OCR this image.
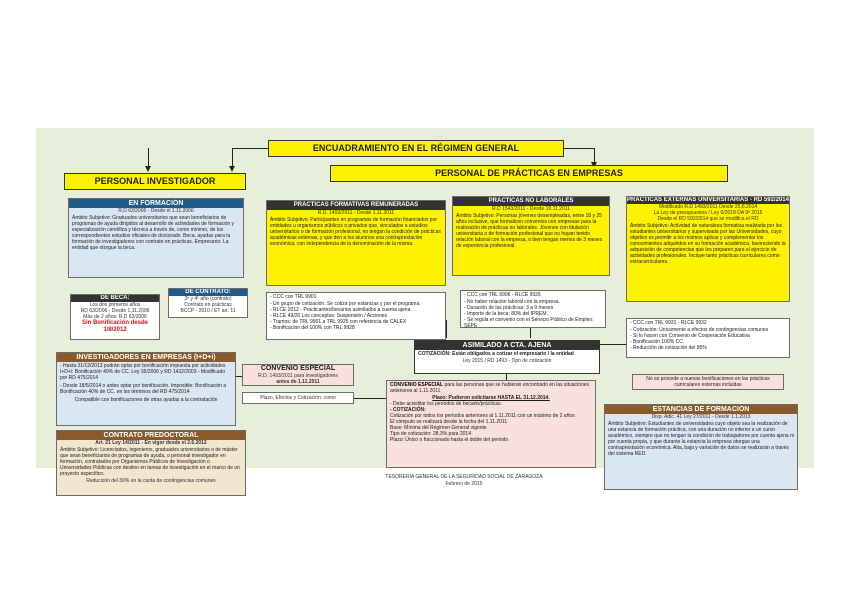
ENCUADRAMIENTO EN EL RÉGIMEN GENERAL
PERSONAL INVESTIGADOR
EN FORMACIÓN
R.D 63/2006 - Desde el 1.11.2006
Ámbito Subjetivo: Graduados universitarios que sean beneficiarios de programas de ayuda dirigidos al desarrollo de actividades de formación y especialización científica y técnica a través de, como mínimo, de los correspondientes estudios oficiales de doctorado. Beca, ayudas para la formación de investigadores con contrato en prácticas. Empresario: La entidad que otorgue la beca.
DE BECA:
Los dos primeros años
RD 63/2006 - Desde 1.11.2006
Más de 2 años: R.D 63/2006
Sin Bonificación desde 1/8/2012
DE CONTRATO:
3º y 4º año (contrato)
Contrato en prácticas
BCCP - 2010 / ET art. 11
INVESTIGADORES EN EMPRESAS (I+D+i)
- Hasta 31/12/2013 podrán optar por bonificación impuesta por actividades I+D+i: Bonificación 40% de CC. Ley 35/2006 y RD 1432/2003 - Modificado por RD 475/2014
- Desde 18/5/2014 o antes optar por bonificación. Imposible: Bonificación a Bonificación 40% de CC. en los términos del RD 475/2014
Compatible con bonificaciones de otras ayudas a la contratación
CONVENIO ESPECIAL
R.D. 1493/2011 para investigadores
antes de 1.11.2011
Plazo, Efectos y Cotización: como
CONTRATO PREDOCTORAL
Art. 21 Ley 14/2011 - En vigor desde el 2.6.2012
Ámbito Subjetivo: Licenciados, ingenieros, graduados universitarios o de máster que sean beneficiarios de programas de ayuda, o personal investigador en formación, contratados por Organismos Públicos de Investigación o Universidades Públicas con destino en tareas de investigación en el marco de un proyecto específico.
Reducción del 30% en la cuota de contingencias comunes
PERSONAL DE PRÁCTICAS EN EMPRESAS
PRÁCTICAS FORMATIVAS REMUNERADAS
R.D. 1493/2011 - Desde 1.11.2011
Ámbito Subjetivo: Participantes en programas de formación financiados por entidades u organismos públicos o privados que, vinculados a estudios universitarios o de formación profesional, no tengan la condición de prácticas académicas externas, y que den a los alumnos una contraprestación económica, con independencia de la denominación de la misma.
- CCC con TRL 9901
- Un grupo de cotización. Se cotiza por estancias y por el programa.
- RLCE 2012 - Practicantes/becarios asimilados a cuenta ajena
- RLCE 49/20 Los conceptos: Suspensión / Acciones
- Tramos: de TRL 9901 a TRL 9925 con referencia de CALEX
- Bonificación del 100% con TRL 9928
PRÁCTICAS NO LABORALES
R.D 1543/2011 - Desde 19.11.2011
Ámbito Subjetivo: Personas jóvenes desempleadas, entre 18 y 25 años inclusive, que formalicen convenios con empresas para la realización de prácticas no laborales. Jóvenes con titulación universitaria o de formación profesional que no hayan tenido relación laboral con la empresa, o bien tengan menos de 3 meses de experiencia profesional.
- CCC con TRL 9906 - RLCE 9926
- No haber relación laboral con la empresa.
- Duración de las prácticas: 3 a 9 meses
- Importe de la beca: 80% del IPREM.
- Se regula el convenio con el Servicio Público de Empleo: SEPE
PRÁCTICAS EXTERNAS UNIVERSITARIAS - RD 592/2014
Modificado R.D 1493/2011 Desde 25.8.2014
La Ley de presupuestos / Ley 6/2018 DA 9ª 2015
Desde el RD 592/2014 que se modifica el RD
Ámbito Subjetivo: Actividad de naturaleza formativa realizada por los estudiantes universitarios y supervisada por las Universidades, cuyo objetivo es permitir a los mismos aplicar y complementar los conocimientos adquiridos en su formación académica, favoreciendo la adquisición de competencias que les preparen para el ejercicio de actividades profesionales. Incluye tanto prácticas curriculares como extracurriculares.
- CCC con TRL 9931 - RLCE 9932
- Cotización: Únicamente a efectos de contingencias comunes
- Si lo hacen con Convenio de Cooperación Educativa
- Bonificación 100% CC.
- Reducción de cotización del 95%
No se procede a nuevas bonificaciones en las prácticas curriculares externas incluidas
ASIMILADO A CTA. AJENA
COTIZACIÓN: Están obligados a cotizar el empresario / la entidad
Ley 2015 / RD 1493 - Tipo de cotización
CONVENIO ESPECIAL para las personas que se hubieran encontrado en las situaciones anteriores al 1.11.2011
Plazo: Pudieron solicitarse HASTA EL 31.12.2014.
- Debe acreditar los períodos de becario/prácticas.
- COTIZACIÓN:
Cotización por todos los períodos anteriores al 1.11.2011 con un máximo de 2 años
El cómputo se realizará desde la fecha del 1.11.2011
Base: Mínima del Régimen General vigente
Tipo de cotización: 28,3% para 2014
Plazo: Único o fraccionado hasta el doble del periodo
TESORERÍA GENERAL DE LA SEGURIDAD SOCIAL DE ZARAGOZA
Febrero de 2015
ESTANCIAS DE FORMACIÓN
Disp. Adic. 41 Ley 27/2011 - Desde 1.1.2013
Ámbito Subjetivo: Estudiantes de universidades cuyo objeto sea la realización de una estancia de formación práctica, con una duración no inferior a un curso académico, siempre que no tengan la condición de trabajadores por cuenta ajena ni por cuenta propia, y que durante la estancia la empresa otorgue una contraprestación económica. Alta, baja y variación de datos se realizarán a través del sistema RED.
